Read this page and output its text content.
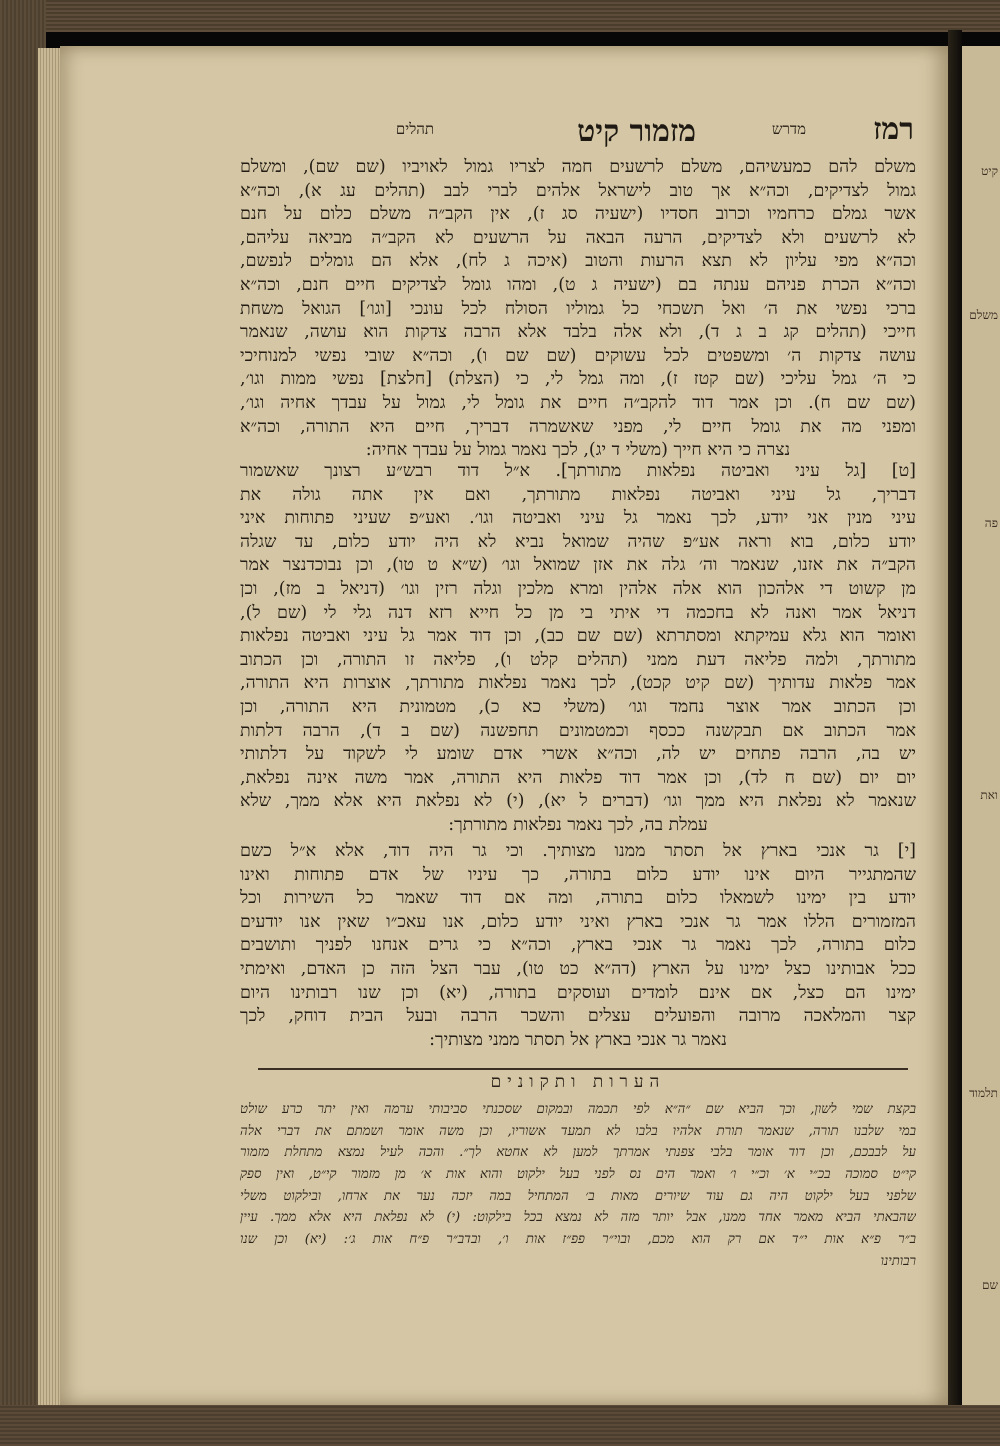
קיט
משלם
פה
ואת
תלמוד
שם
רמז
מדרש
מזמור קיט
תהלים
משלם להם כמעשיהם, משלם לרשעים חמה לצריו גמול לאויביו (שם שם), ומשלם
גמול לצדיקים, וכה״א אך טוב לישראל אלהים לברי לבב (תהלים עג א), וכה״א
אשר גמלם כרחמיו וכרוב חסדיו (ישעיה סג ז), אין הקב״ה משלם כלום על חנם
לא לרשעים ולא לצדיקים, הרעה הבאה על הרשעים לא הקב״ה מביאה עליהם,
וכה״א מפי עליון לא תצא הרעות והטוב (איכה ג לח), אלא הם גומלים לנפשם,
וכה״א הכרת פניהם ענתה בם (ישעיה ג ט), ומהו גומל לצדיקים חיים חנם, וכה״א
ברכי נפשי את ה׳ ואל תשכחי כל גמוליו הסולח לכל עונכי [וגו׳] הגואל משחת
חייכי (תהלים קג ב ג ד), ולא אלה בלבד אלא הרבה צדקות הוא עושה, שנאמר
עושה צדקות ה׳ ומשפטים לכל עשוקים (שם שם ו), וכה״א שובי נפשי למנוחיכי
כי ה׳ גמל עליכי (שם קטז ז), ומה גמל לי, כי (הצלת) [חלצת] נפשי ממות וגו׳,
(שם שם ח). וכן אמר דוד להקב״ה חיים את גומל לי, גמול על עבדך אחיה וגו׳,
ומפני מה את גומל חיים לי, מפני שאשמרה דבריך, חיים היא התורה, וכה״א
נצרה כי היא חייך (משלי ד יג), לכך נאמר גמול על עבדך אחיה:
[ט] [גל עיני ואביטה נפלאות מתורתך]. א״ל דוד רבש״ע רצונך שאשמור
דבריך, גל עיני ואביטה נפלאות מתורתך, ואם אין אתה גולה את
עיני מנין אני יודע, לכך נאמר גל עיני ואביטה וגו׳. ואע״פ שעיני פתוחות איני
יודע כלום, בוא וראה אע״פ שהיה שמואל נביא לא היה יודע כלום, עד שגלה
הקב״ה את אזנו, שנאמר וה׳ גלה את אזן שמואל וגו׳ (ש״א ט טו), וכן נבוכדנצר אמר
מן קשוט די אלהכון הוא אלה אלהין ומרא מלכין וגלה רזין וגו׳ (דניאל ב מז), וכן
דניאל אמר ואנה לא בחכמה די איתי בי מן כל חייא רזא דנה גלי לי (שם ל),
ואומר הוא גלא עמיקתא ומסתרתא (שם שם כב), וכן דוד אמר גל עיני ואביטה נפלאות
מתורתך, ולמה פליאה דעת ממני (תהלים קלט ו), פליאה זו התורה, וכן הכתוב
אמר פלאות עדותיך (שם קיט קכט), לכך נאמר נפלאות מתורתך, אוצרות היא התורה,
וכן הכתוב אמר אוצר נחמד וגו׳ (משלי כא כ), מטמונית היא התורה, וכן
אמר הכתוב אם תבקשנה ככסף וכמטמונים תחפשנה (שם ב ד), הרבה דלתות
יש בה, הרבה פתחים יש לה, וכה״א אשרי אדם שומע לי לשקוד על דלתותי
יום יום (שם ח לד), וכן אמר דוד פלאות היא התורה, אמר משה אינה נפלאת,
שנאמר לא נפלאת היא ממך וגו׳ (דברים ל יא), (י) לא נפלאת היא אלא ממך, שלא
עמלת בה, לכך נאמר נפלאות מתורתך:
[י] גר אנכי בארץ אל תסתר ממנו מצותיך. וכי גר היה דוד, אלא א״ל כשם
שהמתגייר היום אינו יודע כלום בתורה, כך עיניו של אדם פתוחות ואינו
יודע בין ימינו לשמאלו כלום בתורה, ומה אם דוד שאמר כל השירות וכל
המזמורים הללו אמר גר אנכי בארץ ואיני יודע כלום, אנו עאכ״ו שאין אנו יודעים
כלום בתורה, לכך נאמר גר אנכי בארץ, וכה״א כי גרים אנחנו לפניך ותושבים
ככל אבותינו כצל ימינו על הארץ (דה״א כט טו), עבר הצל הזה כן האדם, ואימתי
ימינו הם כצל, אם אינם לומדים ועוסקים בתורה, (יא) וכן שנו רבותינו היום
קצר והמלאכה מרובה והפועלים עצלים והשכר הרבה ובעל הבית דוחק, לכך
נאמר גר אנכי בארץ אל תסתר ממני מצותיך:
הערות ותקונים
בקצת שמי לשון, וכך הביא שם ״ה״א לפי תכמה ובמקום שסכנתי סביבותי ערמה ואין יתר כרע שולט
במי שלבנו תורה, שנאמר תורת אלהיו בלבו לא תמעד אשוריו, וכן משה אומר ושמתם את דברי אלה
על לבבכם, וכן דוד אומר בלבי צפנתי אמרתך למען לא אחטא לך״. והכה לעיל נמצא מתחלת מזמור
קי״ט סמוכה בכ״י א׳ וכ״י ו׳ ואמר הים נס לפני בעל ילקוט והוא אות א׳ מן מזמור קי״ט, ואין ספק
שלפני בעל ילקוט היה גם עוד שיורים מאות ב׳ המתחיל במה יזכה נער את ארחו, ובילקוט משלי
שהבאתי הביא מאמר אחד ממנו, אבל יותר מזה לא נמצא בכל בילקוט: (י) לא נפלאת היא אלא ממך. עיין
ב״ר פ״א אות י״ד אם רק הוא מכם, ובוי״ר פפ״ז אות ו׳, ובדב״ר פ״ח אות ג׳: (יא) וכן שנו
רבותינו
